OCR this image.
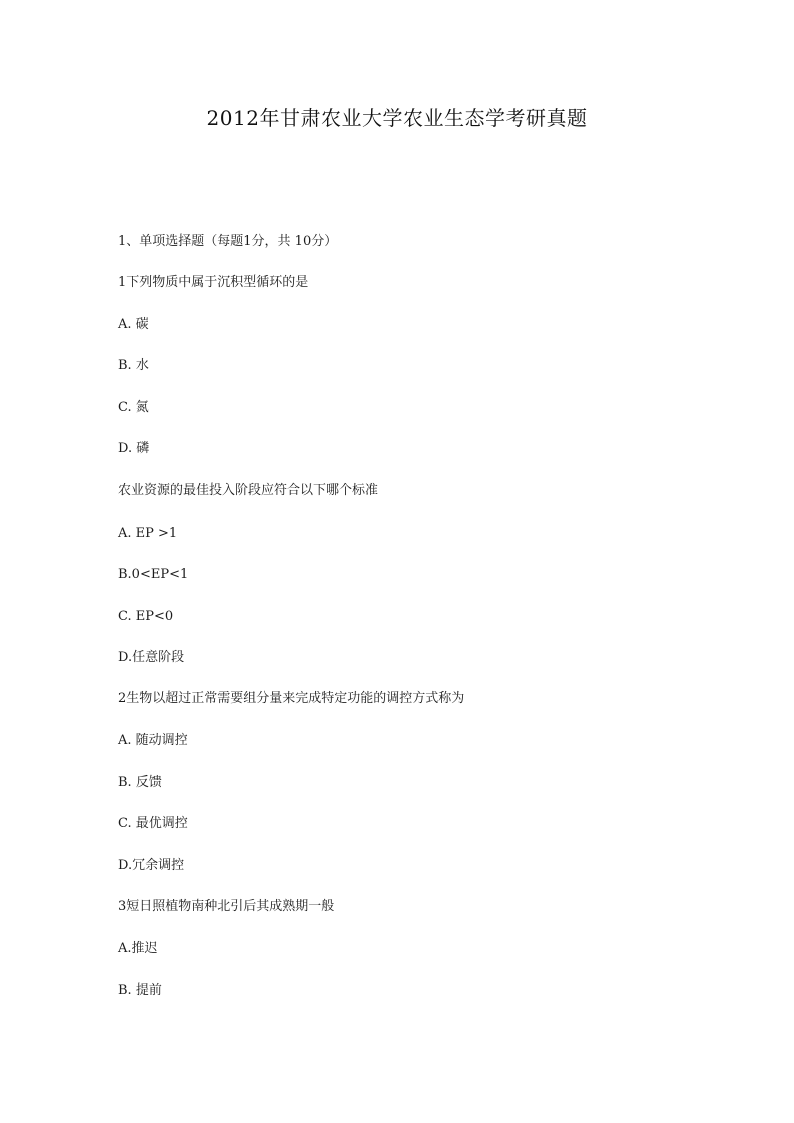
2012年甘肃农业大学农业生态学考研真题
1、单项选择题（每题1分，共 10分）
1下列物质中属于沉积型循环的是
A. 碳
B. 水
C. 氮
D. 磷
农业资源的最佳投入阶段应符合以下哪个标准
A. EP >1
B.0<EP<1
C. EP<0
D.任意阶段
2生物以超过正常需要组分量来完成特定功能的调控方式称为
A. 随动调控
B. 反馈
C. 最优调控
D.冗余调控
3短日照植物南种北引后其成熟期一般
A.推迟
B. 提前
